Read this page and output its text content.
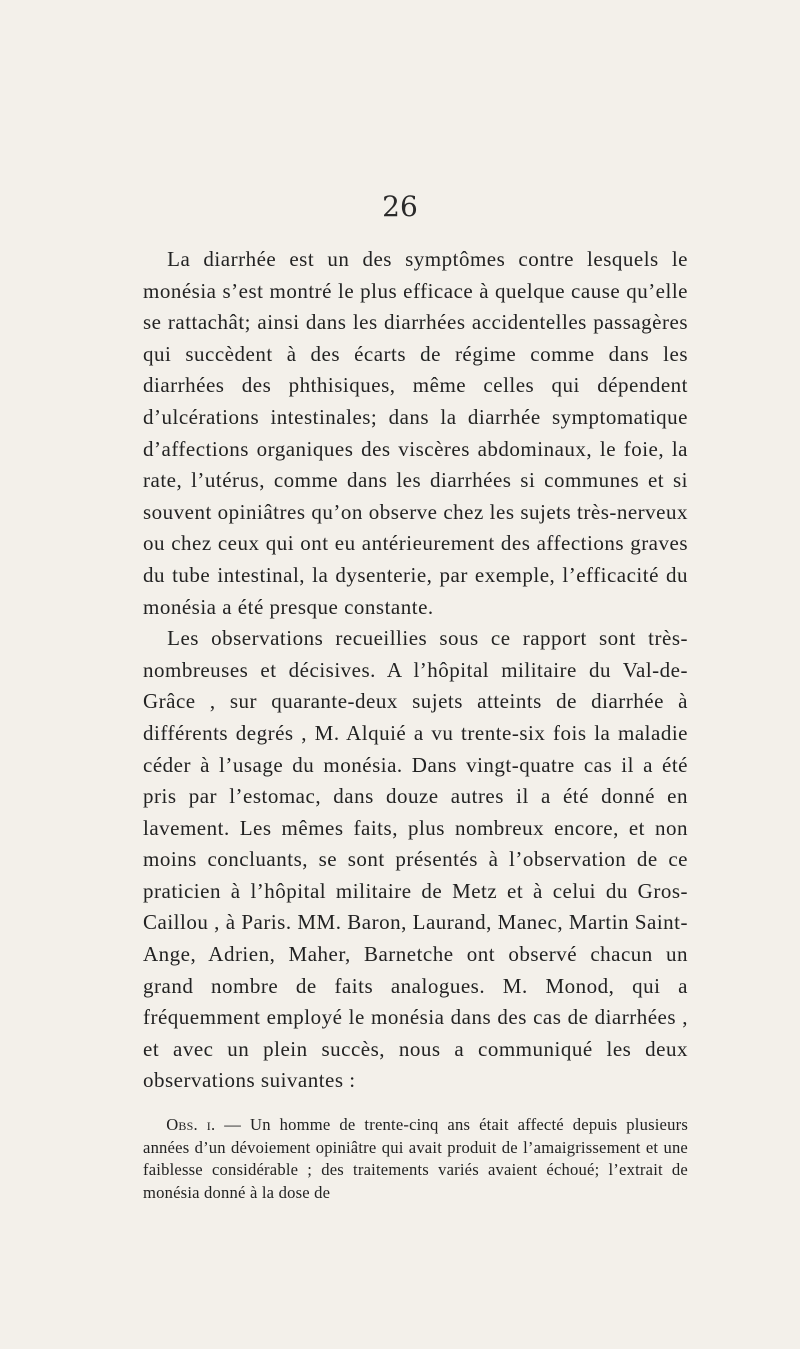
26

La diarrhée est un des symptômes contre lesquels le monésia s’est montré le plus efficace à quelque cause qu’elle se rattachât; ainsi dans les diarrhées accidentelles passagères qui succèdent à des écarts de régime comme dans les diarrhées des phthisiques, même celles qui dépendent d’ulcérations intestinales; dans la diarrhée symptomatique d’affections organiques des viscères abdominaux, le foie, la rate, l’utérus, comme dans les diarrhées si communes et si souvent opiniâtres qu’on observe chez les sujets très-nerveux ou chez ceux qui ont eu antérieurement des affections graves du tube intestinal, la dysenterie, par exemple, l’efficacité du monésia a été presque constante.

Les observations recueillies sous ce rapport sont très-nombreuses et décisives. A l’hôpital militaire du Val-de-Grâce , sur quarante-deux sujets atteints de diarrhée à différents degrés , M. Alquié a vu trente-six fois la maladie céder à l’usage du monésia. Dans vingt-quatre cas il a été pris par l’estomac, dans douze autres il a été donné en lavement. Les mêmes faits, plus nombreux encore, et non moins concluants, se sont présentés à l’observation de ce praticien à l’hôpital militaire de Metz et à celui du Gros-Caillou , à Paris. MM. Baron, Laurand, Manec, Martin Saint-Ange, Adrien, Maher, Barnetche ont observé chacun un grand nombre de faits analogues. M. Monod, qui a fréquemment employé le monésia dans des cas de diarrhées , et avec un plein succès, nous a communiqué les deux observations suivantes :

Obs. i. — Un homme de trente-cinq ans était affecté depuis plusieurs années d’un dévoiement opiniâtre qui avait produit de l’amaigrissement et une faiblesse considérable ; des traitements variés avaient échoué; l’extrait de monésia donné à la dose de
